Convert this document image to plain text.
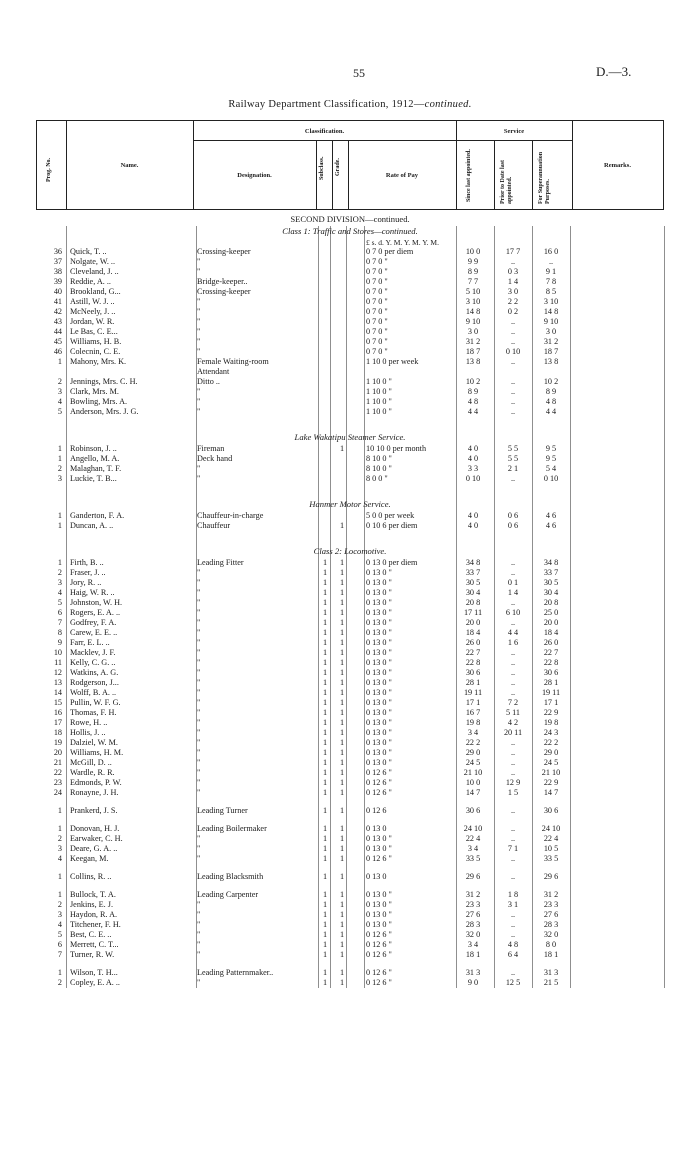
55	D.—3.
Railway Department Classification, 1912—continued.
Classification.	Service
Name.
Designation.	Rate of Pay
Remarks.
Prog. No.	Subclass. Grade.	Since last appointed.	Prior to Date last appointed.	For Superannuation Purposes.
SECOND DIVISION—continued.
Class 1: Traffic and Stores—continued.
£ s. d. Y. M. Y. M. Y. M.
36 Quick, T. ..	Crossing-keeper	0 7 0 per diem	10 0	17 7	16 0
37 Nolgate, W. ..	"	0 7 0 "	9 9	..	..
38 Cleveland, J. ..	"	0 7 0 "	8 9	0 3	9 1
39 Reddie, A. ..	Bridge-keeper..	0 7 0 "	7 7	1 4	7 8
40 Brookland, G...	Crossing-keeper	0 7 0 "	5 10	3 0	8 5
41 Astill, W. J. ..	"	0 7 0 "	3 10	2 2	3 10
42 McNeely, J. ..	"	0 7 0 "	14 8	0 2	14 8
43 Jordan, W. R.	"	0 7 0 "	9 10	..	9 10
44 Le Bas, C. E...	"	0 7 0 "	3 0	..	3 0
45 Williams, H. B.	"	0 7 0 "	31 2	..	31 2
46 Colecnin, C. E.	"	0 7 0 "	18 7	0 10	18 7
1 Mahony, Mrs. K.	Female Waiting-room	1 10 0 per week	13 8	..	13 8
Attendant
2 Jennings, Mrs. C. H.	Ditto ..	1 10 0 "	10 2	..	10 2
3 Clark, Mrs. M.	"	1 10 0 "	8 9	..	8 9
4 Bowling, Mrs. A.	"	1 10 0 "	4 8	..	4 8
5 Anderson, Mrs. J. G.	"	1 10 0 "	4 4	..	4 4
Lake Wakatipu Steamer Service.
1 Robinson, J. ..	Fireman	1	10 10 0 per month	4 0	5 5	9 5
1 Angello, M. A.	Deck hand	8 10 0 "	4 0	5 5	9 5
2 Malaghan, T. F.	"	8 10 0 "	3 3	2 1	5 4
3 Luckie, T. B...	"	8 0 0 "	0 10	..	0 10
Hanmer Motor Service.
1 Ganderton, F. A.	Chauffeur-in-charge	5 0 0 per week	4 0	0 6	4 6
1 Duncan, A. ..	Chauffeur	1	0 10 6 per diem	4 0	0 6	4 6
Class 2: Locomotive.
1 Firth, B. ..	Leading Fitter	1	1	0 13 0 per diem	34 8	..	34 8
2 Fraser, J. ..	"	1	1	0 13 0 "	33 7	..	33 7
3 Jory, R. ..	"	1	1	0 13 0 "	30 5	0 1	30 5
4 Haig, W. R. ..	"	1	1	0 13 0 "	30 4	1 4	30 4
5 Johnston, W. H.	"	1	1	0 13 0 "	20 8	..	20 8
6 Rogers, E. A. ..	"	1	1	0 13 0 "	17 11	6 10	25 0
7 Godfrey, F. A.	"	1	1	0 13 0 "	20 0	..	20 0
8 Carew, E. E. ..	"	1	1	0 13 0 "	18 4	4 4	18 4
9 Farr, E. L. ..	"	1	1	0 13 0 "	26 0	1 6	26 0
10 Macklev, J. F.	"	1	1	0 13 0 "	22 7	..	22 7
11 Kelly, C. G. ..	"	1	1	0 13 0 "	22 8	..	22 8
12 Watkins, A. G.	"	1	1	0 13 0 "	30 6	..	30 6
13 Rodgerson, J...	"	1	1	0 13 0 "	28 1	..	28 1
14 Wolff, B. A. ..	"	1	1	0 13 0 "	19 11	..	19 11
15 Pullin, W. F. G.	"	1	1	0 13 0 "	17 1	7 2	17 1
16 Thomas, F. H.	"	1	1	0 13 0 "	16 7	5 11	22 9
17 Rowe, H. ..	"	1	1	0 13 0 "	19 8	4 2	19 8
18 Hollis, J. ..	"	1	1	0 13 0 "	3 4	20 11	24 3
19 Dalziel, W. M.	"	1	1	0 13 0 "	22 2	..	22 2
20 Williams, H. M.	"	1	1	0 13 0 "	29 0	..	29 0
21 McGill, D. ..	"	1	1	0 13 0 "	24 5	..	24 5
22 Wardle, R. R.	"	1	1	0 12 6 "	21 10	..	21 10
23 Edmonds, P. W.	"	1	1	0 12 6 "	10 0	12 9	22 9
24 Ronayne, J. H.	"	1	1	0 12 6 "	14 7	1 5	14 7
1 Prankerd, J. S.	Leading Turner	1	1	0 12 6	30 6	..	30 6
1 Donovan, H. J.	Leading Boilermaker	1	1	0 13 0	24 10	..	24 10
2 Earwaker, C. H.	"	1	1	0 13 0 "	22 4	..	22 4
3 Deare, G. A. ..	"	1	1	0 13 0 "	3 4	7 1	10 5
4 Keegan, M.	"	1	1	0 12 6 "	33 5	..	33 5
1 Collins, R. ..	Leading Blacksmith	1	1	0 13 0	29 6	..	29 6
1 Bullock, T. A.	Leading Carpenter	1	1	0 13 0 "	31 2	1 8	31 2
2 Jenkins, E. J.	"	1	1	0 13 0 "	23 3	3 1	23 3
3 Haydon, R. A.	"	1	1	0 13 0 "	27 6	..	27 6
4 Titchener, F. H.	"	1	1	0 13 0 "	28 3	..	28 3
5 Best, C. E. ..	"	1	1	0 12 6 "	32 0	..	32 0
6 Merrett, C. T...	"	1	1	0 12 6 "	3 4	4 8	8 0
7 Turner, R. W.	"	1	1	0 12 6 "	18 1	6 4	18 1
1 Wilson, T. H...	Leading Patternmaker..	1	1	0 12 6 "	31 3	..	31 3
2 Copley, E. A. ..	"	1	1	0 12 6 "	9 0	12 5	21 5
